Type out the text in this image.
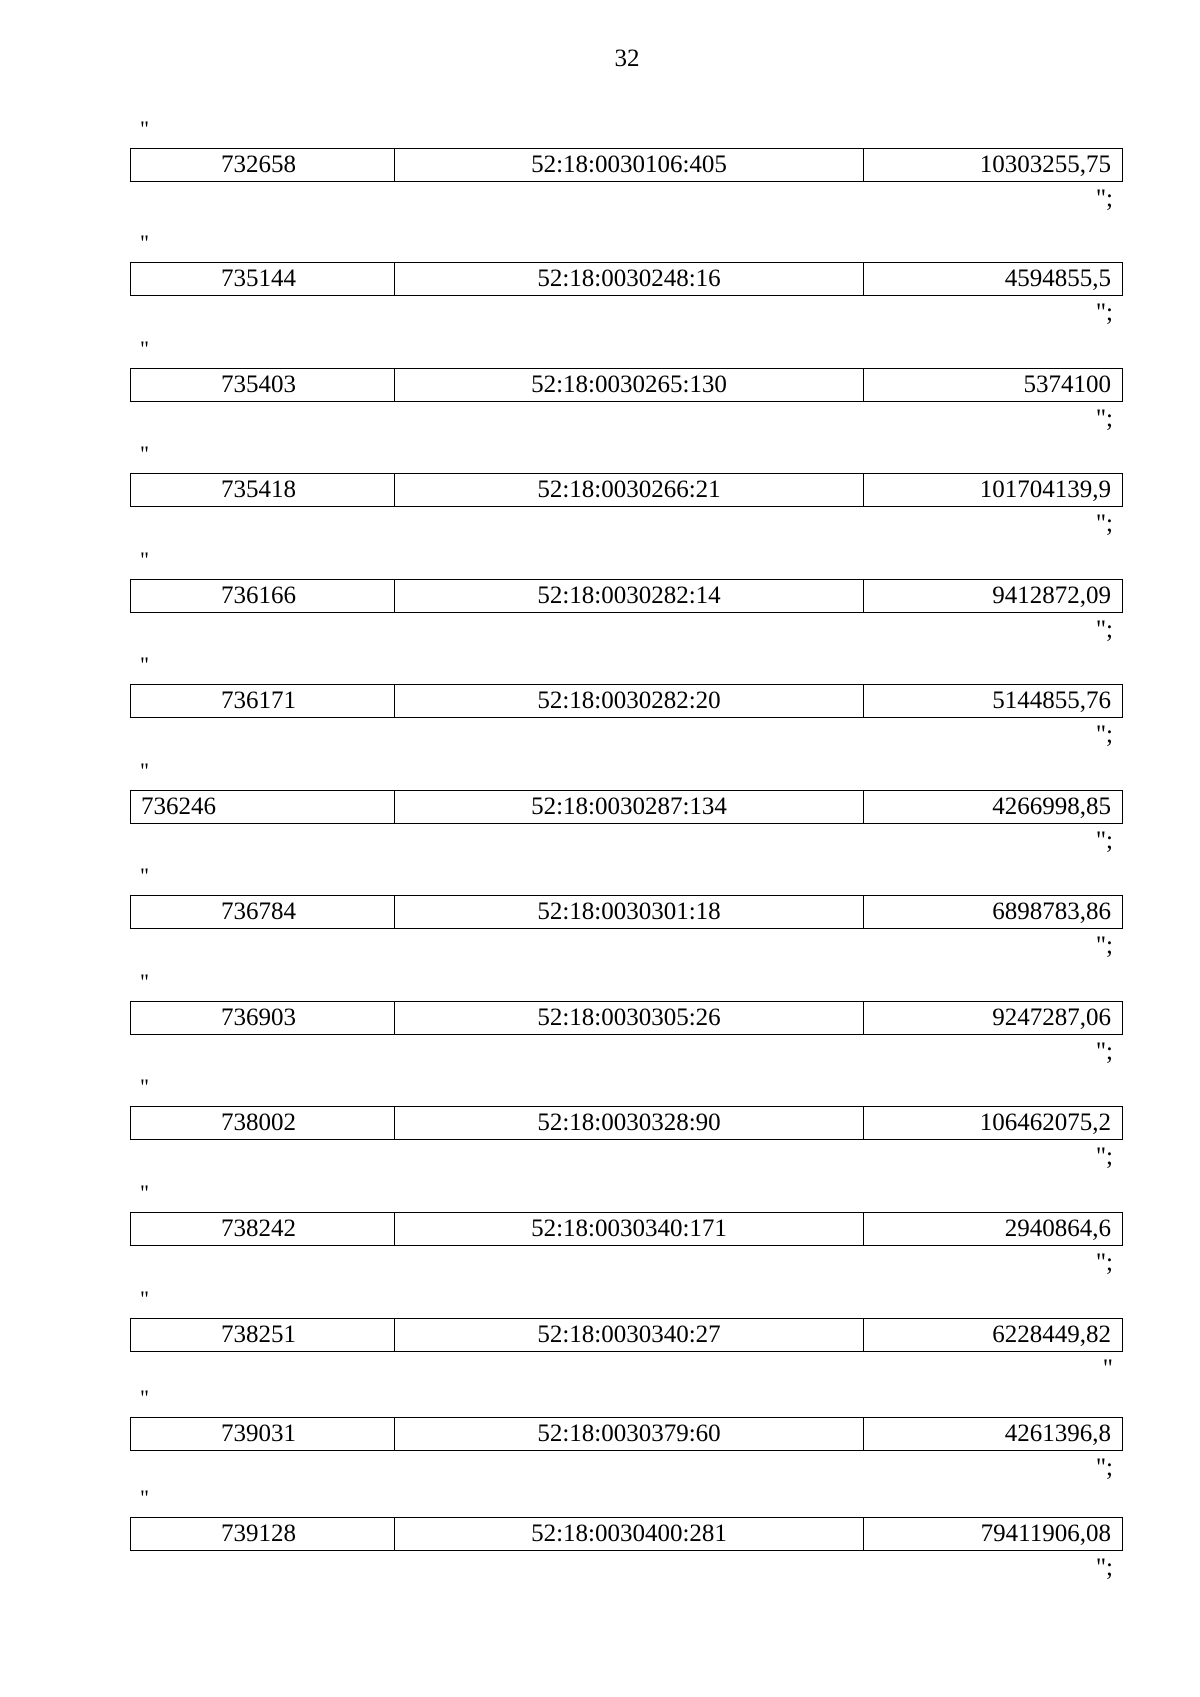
32
"
732658	52:18:0030106:405	10303255,75
";
"
735144	52:18:0030248:16	4594855,5
";
"
735403	52:18:0030265:130	5374100
";
"
735418	52:18:0030266:21	101704139,9
";
"
736166	52:18:0030282:14	9412872,09
";
"
736171	52:18:0030282:20	5144855,76
";
"
736246	52:18:0030287:134	4266998,85
";
"
736784	52:18:0030301:18	6898783,86
";
"
736903	52:18:0030305:26	9247287,06
";
"
738002	52:18:0030328:90	106462075,2
";
"
738242	52:18:0030340:171	2940864,6
";
"
738251	52:18:0030340:27	6228449,82
"
"
739031	52:18:0030379:60	4261396,8
";
"
739128	52:18:0030400:281	79411906,08
";
